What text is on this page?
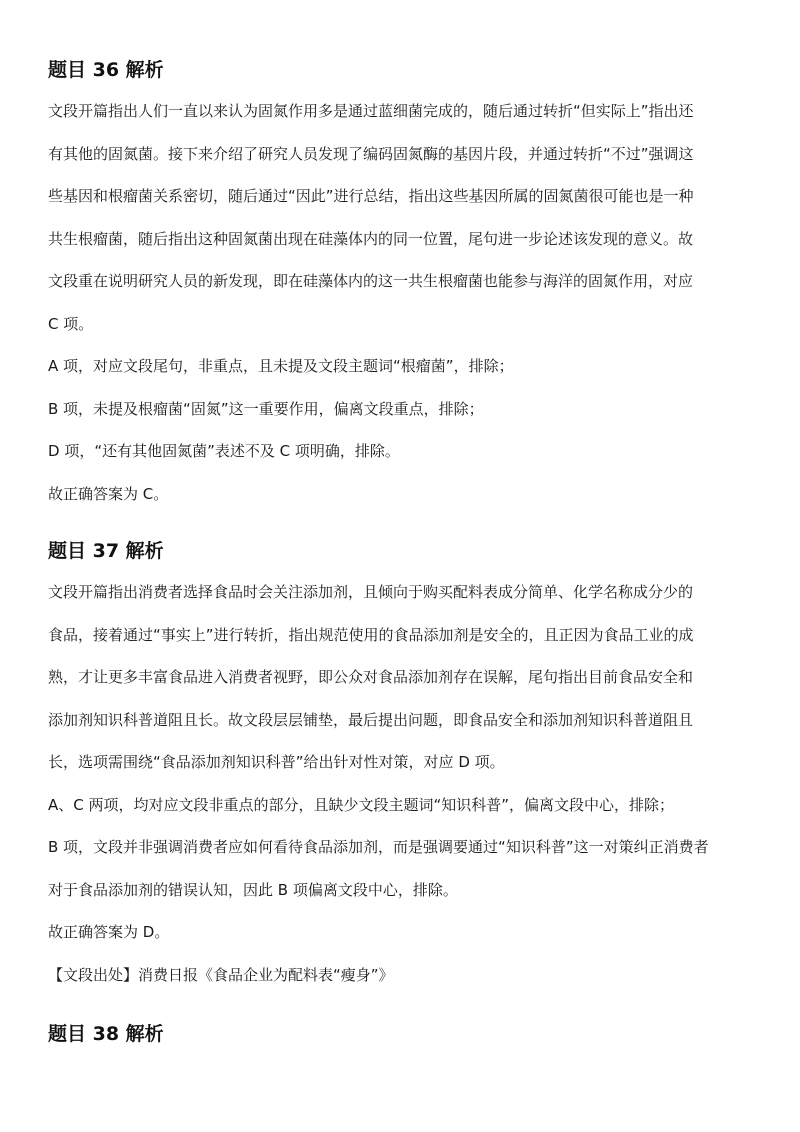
题目 36 解析

文段开篇指出人们一直以来认为固氮作用多是通过蓝细菌完成的，随后通过转折“但实际上”指出还

有其他的固氮菌。接下来介绍了研究人员发现了编码固氮酶的基因片段，并通过转折“不过”强调这

些基因和根瘤菌关系密切，随后通过“因此”进行总结，指出这些基因所属的固氮菌很可能也是一种

共生根瘤菌，随后指出这种固氮菌出现在硅藻体内的同一位置，尾句进一步论述该发现的意义。故

文段重在说明研究人员的新发现，即在硅藻体内的这一共生根瘤菌也能参与海洋的固氮作用，对应

C 项。

A 项，对应文段尾句，非重点，且未提及文段主题词“根瘤菌”，排除；

B 项，未提及根瘤菌“固氮”这一重要作用，偏离文段重点，排除；

D 项，“还有其他固氮菌”表述不及 C 项明确，排除。

故正确答案为 C。

题目 37 解析

文段开篇指出消费者选择食品时会关注添加剂，且倾向于购买配料表成分简单、化学名称成分少的

食品，接着通过“事实上”进行转折，指出规范使用的食品添加剂是安全的，且正因为食品工业的成

熟，才让更多丰富食品进入消费者视野，即公众对食品添加剂存在误解，尾句指出目前食品安全和

添加剂知识科普道阻且长。故文段层层铺垫，最后提出问题，即食品安全和添加剂知识科普道阻且

长，选项需围绕“食品添加剂知识科普”给出针对性对策，对应 D 项。

A、C 两项，均对应文段非重点的部分，且缺少文段主题词“知识科普”，偏离文段中心，排除；

B 项，文段并非强调消费者应如何看待食品添加剂，而是强调要通过“知识科普”这一对策纠正消费者

对于食品添加剂的错误认知，因此 B 项偏离文段中心，排除。

故正确答案为 D。

【文段出处】消费日报《食品企业为配料表“瘦身”》

题目 38 解析
